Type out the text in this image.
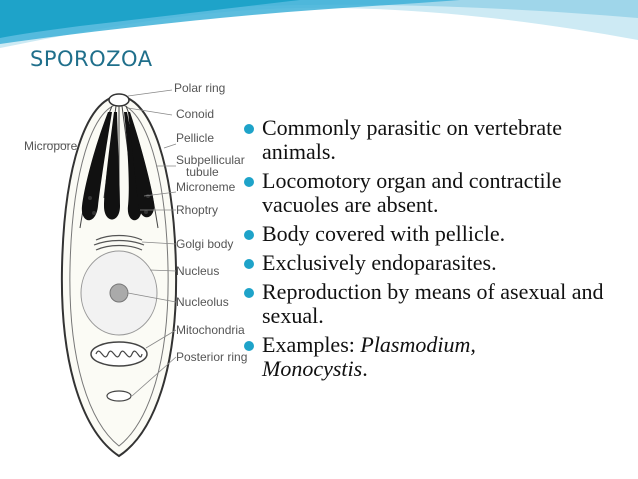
SPOROZOA
Polar ring
Conoid
Pellicle
Micropore
Subpellicular
tubule
Microneme
Rhoptry
Golgi body
Nucleus
Nucleolus
Mitochondria
Posterior ring
Commonly parasitic on vertebrate animals.
Locomotory organ and contractile vacuoles are absent.
Body covered with pellicle.
Exclusively endoparasites.
Reproduction by means of asexual and sexual.
Examples: Plasmodium,
Monocystis.
